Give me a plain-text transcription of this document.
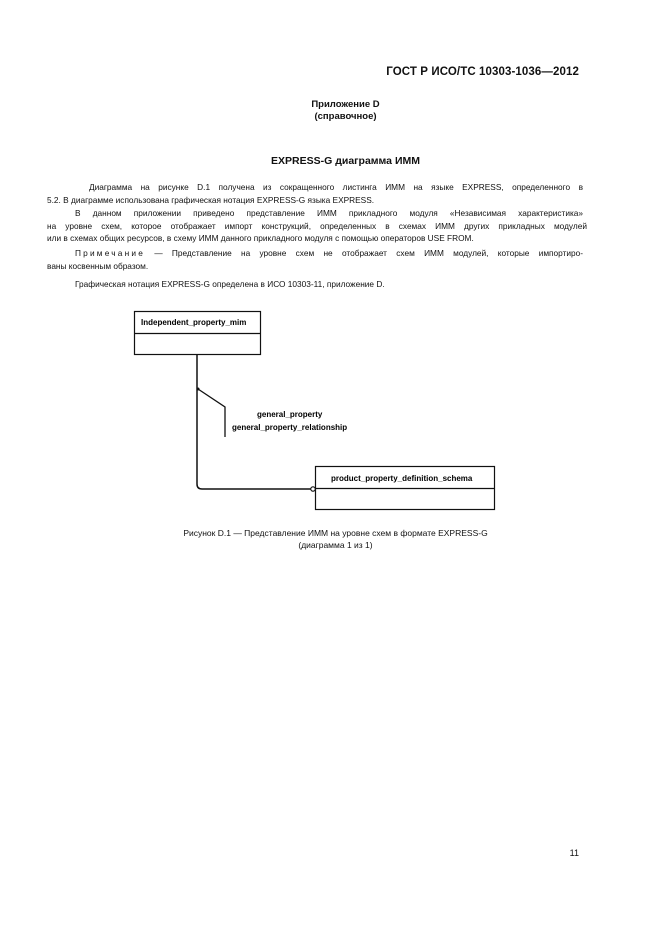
ГОСТ Р ИСО/ТС 10303-1036—2012
Приложение D
(справочное)
EXPRESS-G диаграмма ИММ

Диаграмма на рисунке D.1 получена из сокращенного листинга ИММ на языке EXPRESS, определенного в

5.2. В диаграмме использована графическая нотация EXPRESS-G языка EXPRESS.

В данном приложении приведено представление ИММ прикладного модуля «Независимая характеристика»

на уровне схем, которое отображает импорт конструкций, определенных в схемах ИММ других прикладных модулей

или в схемах общих ресурсов, в схему ИММ данного прикладного модуля с помощью операторов USE FROM.

Примечание — Представление на уровне схем не отображает схем ИММ модулей, которые импортиро-

ваны косвенным образом.

Графическая нотация EXPRESS-G определена в ИСО 10303-11, приложение D.

Independent_property_mim
product_property_definition_schema
general_property
general_property_relationship
Рисунок D.1 — Представление ИММ на уровне схем в формате EXPRESS-G
(диаграмма 1 из 1)
11
